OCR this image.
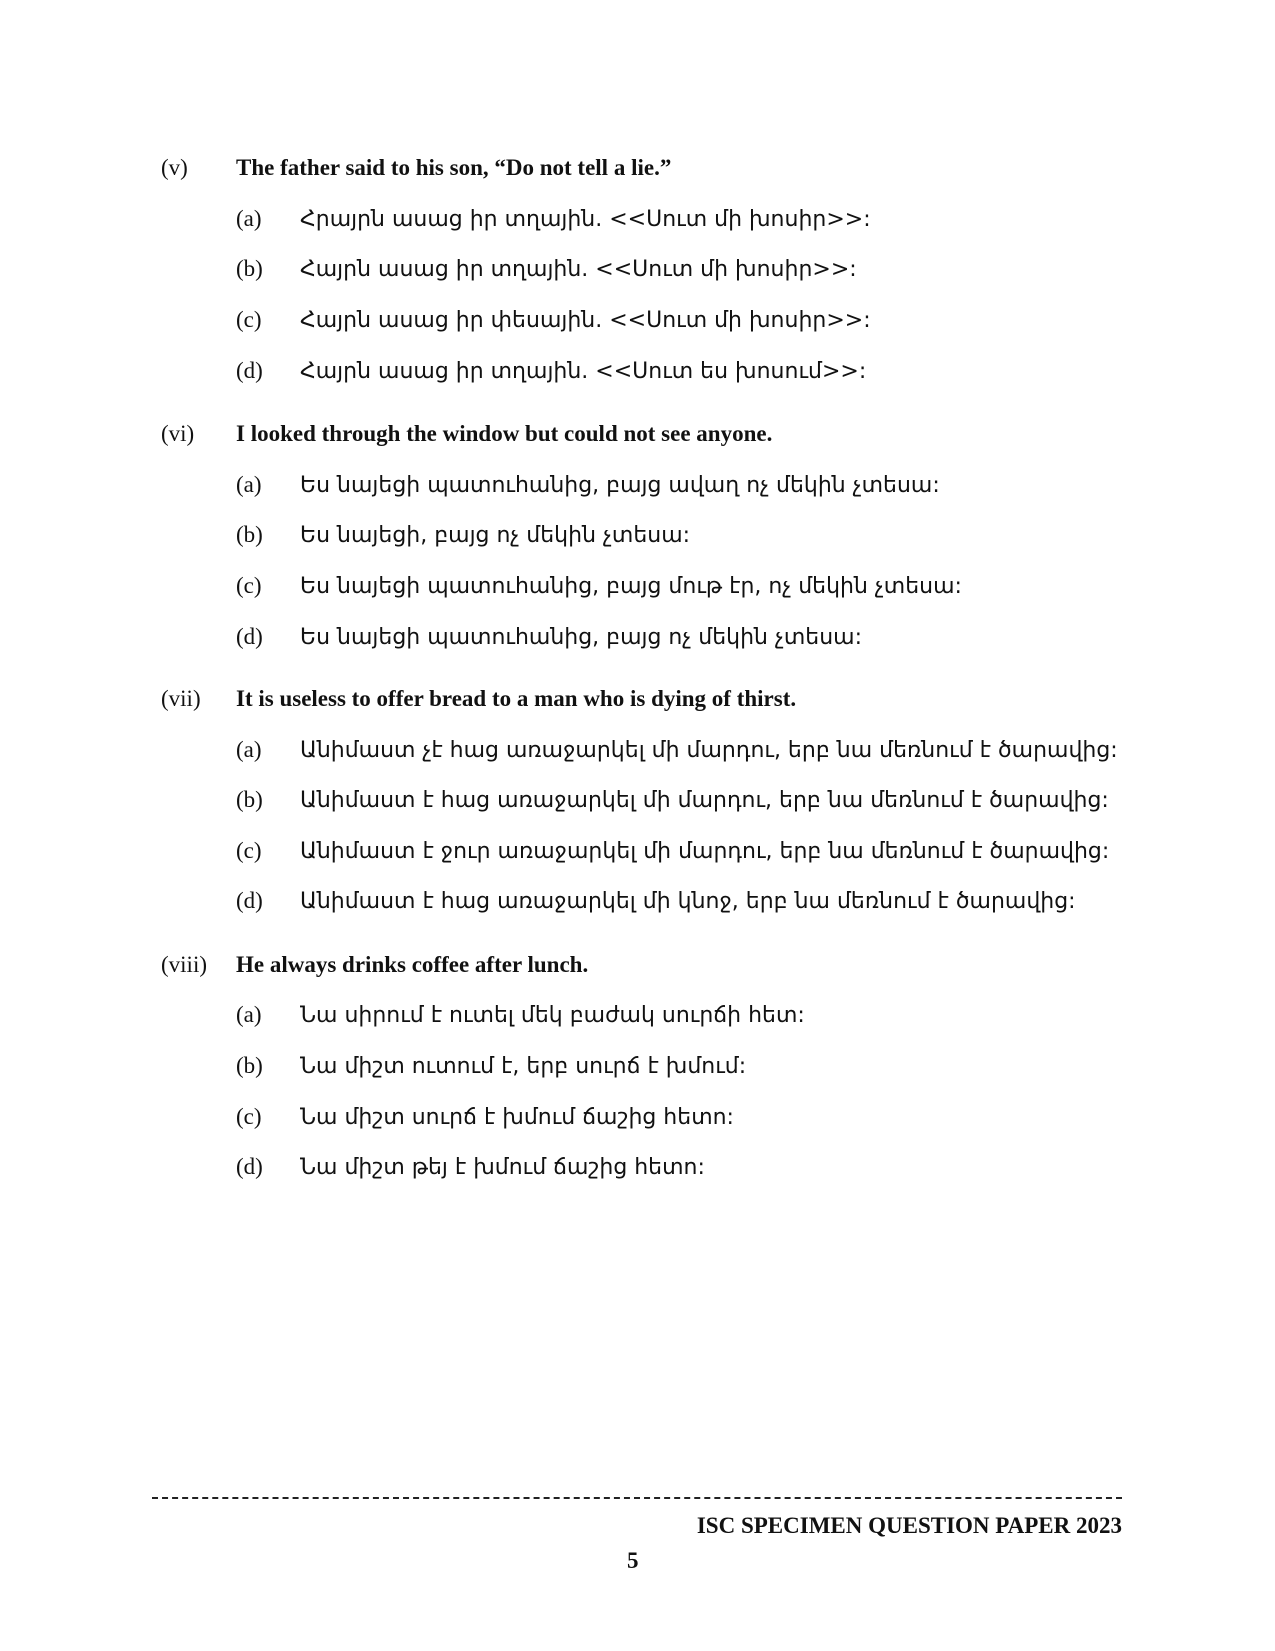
(v) The father said to his son, “Do not tell a lie.”
(a) Հրայրն ասաց իր տղային. <<Սուտ մի խոսիր>>:
(b) Հայրն ասաց իր տղային. <<Սուտ մի խոսիր>>:
(c) Հայրն ասաց իր փեսային. <<Սուտ մի խոսիր>>:
(d) Հայրն ասաց իր տղային. <<Սուտ ես խոսում>>:
(vi) I looked through the window but could not see anyone.
(a) Ես նայեցի պատուհանից, բայց ավաղ ոչ մեկին չտեսա:
(b) Ես նայեցի, բայց ոչ մեկին չտեսա:
(c) Ես նայեցի պատուհանից, բայց մութ էր, ոչ մեկին չտեսա:
(d) Ես նայեցի պատուհանից, բայց ոչ մեկին չտեսա:
(vii) It is useless to offer bread to a man who is dying of thirst.
(a) Անիմաստ չէ հաց առաջարկել մի մարդու, երբ նա մեռնում է ծարավից:
(b) Անիմաստ է հաց առաջարկել մի մարդու, երբ նա մեռնում է ծարավից:
(c) Անիմաստ է ջուր առաջարկել մի մարդու, երբ նա մեռնում է ծարավից:
(d) Անիմաստ է հաց առաջարկել մի կնոջ, երբ նա մեռնում է ծարավից:
(viii) He always drinks coffee after lunch.
(a) Նա սիրում է ուտել մեկ բաժակ սուրճի հետ:
(b) Նա միշտ ուտում է, երբ սուրճ է խմում:
(c) Նա միշտ սուրճ է խմում ճաշից հետո:
(d) Նա միշտ թեյ է խմում ճաշից հետո:
ISC SPECIMEN QUESTION PAPER 2023
5
